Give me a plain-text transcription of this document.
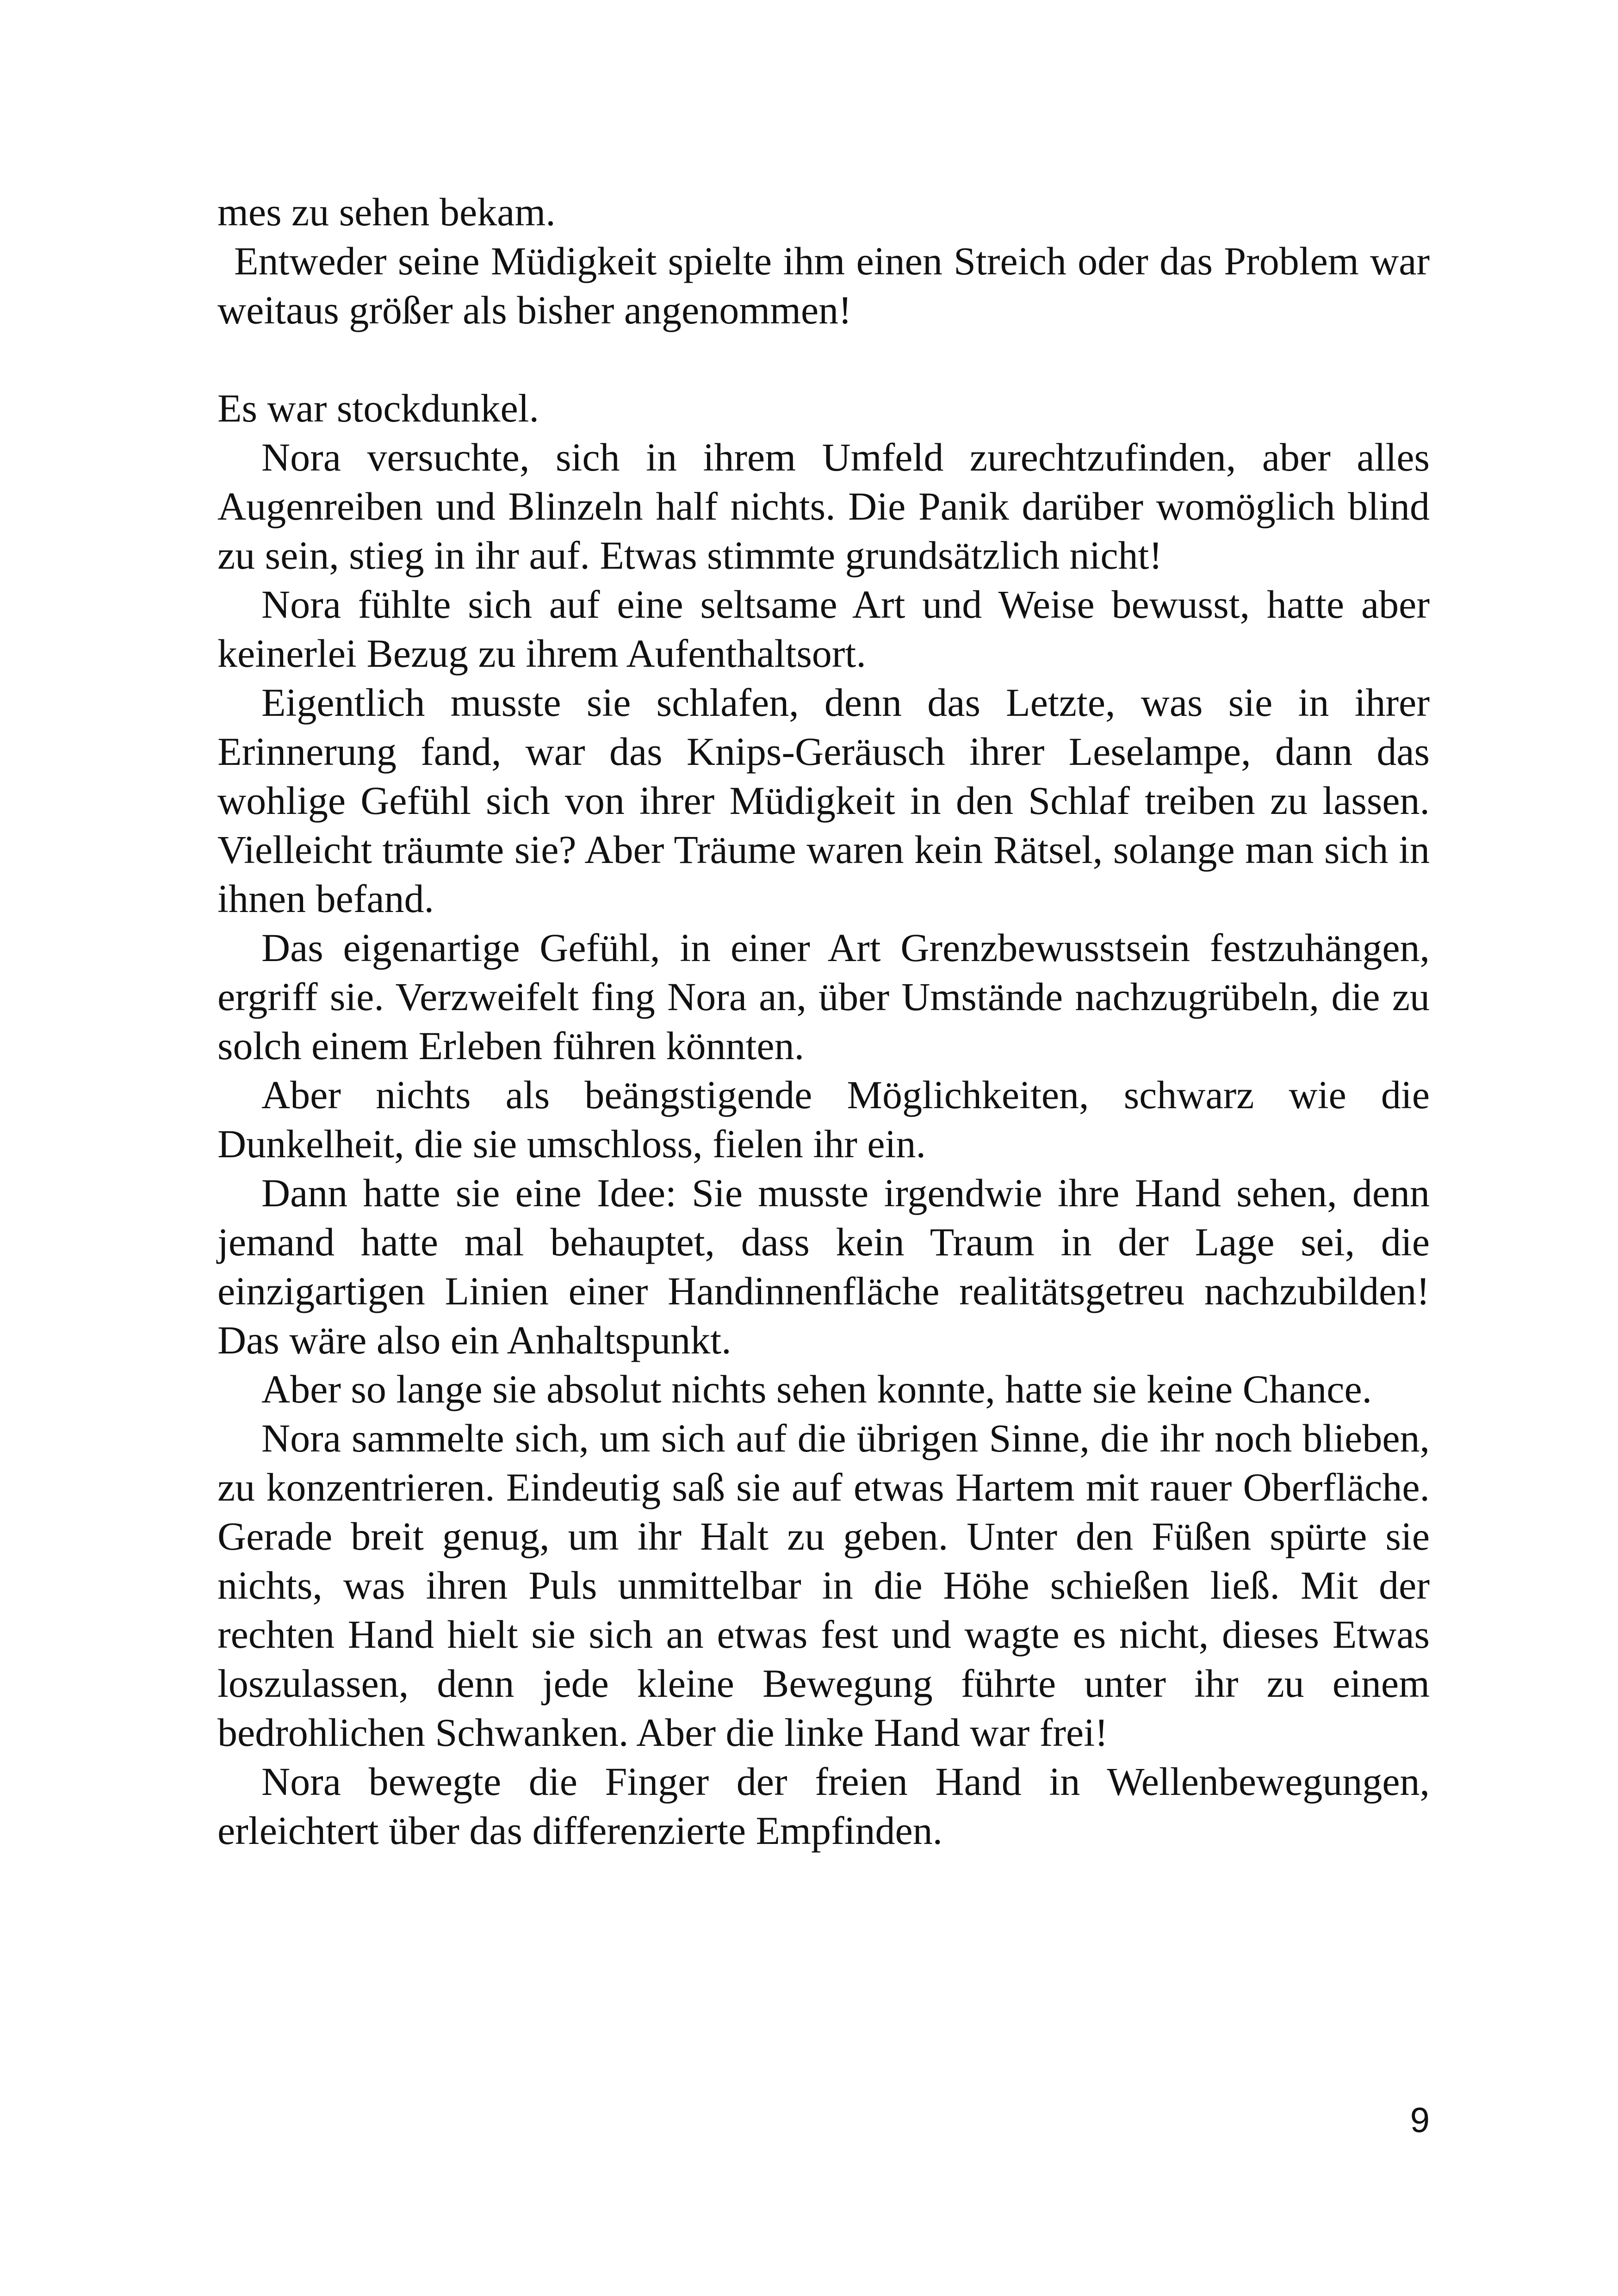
mes zu sehen bekam.

Entweder seine Müdigkeit spielte ihm einen Streich oder das Problem war weitaus größer als bisher angenommen!

Es war stockdunkel.

Nora versuchte, sich in ihrem Umfeld zurechtzufinden, aber alles Augenreiben und Blinzeln half nichts. Die Panik darüber womöglich blind zu sein, stieg in ihr auf. Etwas stimmte grundsätzlich nicht!

Nora fühlte sich auf eine seltsame Art und Weise bewusst, hatte aber keinerlei Bezug zu ihrem Aufenthaltsort.

Eigentlich musste sie schlafen, denn das Letzte, was sie in ihrer Erinnerung fand, war das Knips-Geräusch ihrer Leselampe, dann das wohlige Gefühl sich von ihrer Müdigkeit in den Schlaf treiben zu lassen. Vielleicht träumte sie? Aber Träume waren kein Rätsel, solange man sich in ihnen befand.

Das eigenartige Gefühl, in einer Art Grenzbewusstsein festzuhängen, ergriff sie. Verzweifelt fing Nora an, über Umstände nachzugrübeln, die zu solch einem Erleben führen könnten.

Aber nichts als beängstigende Möglichkeiten, schwarz wie die Dunkelheit, die sie umschloss, fielen ihr ein.

Dann hatte sie eine Idee: Sie musste irgendwie ihre Hand sehen, denn jemand hatte mal behauptet, dass kein Traum in der Lage sei, die einzigartigen Linien einer Handinnenfläche realitätsgetreu nachzubilden! Das wäre also ein Anhaltspunkt.

Aber so lange sie absolut nichts sehen konnte, hatte sie keine Chance.

Nora sammelte sich, um sich auf die übrigen Sinne, die ihr noch blieben, zu konzentrieren. Eindeutig saß sie auf etwas Hartem mit rauer Oberfläche. Gerade breit genug, um ihr Halt zu geben. Unter den Füßen spürte sie nichts, was ihren Puls unmittelbar in die Höhe schießen ließ. Mit der rechten Hand hielt sie sich an etwas fest und wagte es nicht, dieses Etwas loszulassen, denn jede kleine Bewegung führte unter ihr zu einem bedrohlichen Schwanken. Aber die linke Hand war frei!

Nora bewegte die Finger der freien Hand in Wellenbewegungen, erleichtert über das differenzierte Empfinden.

9
